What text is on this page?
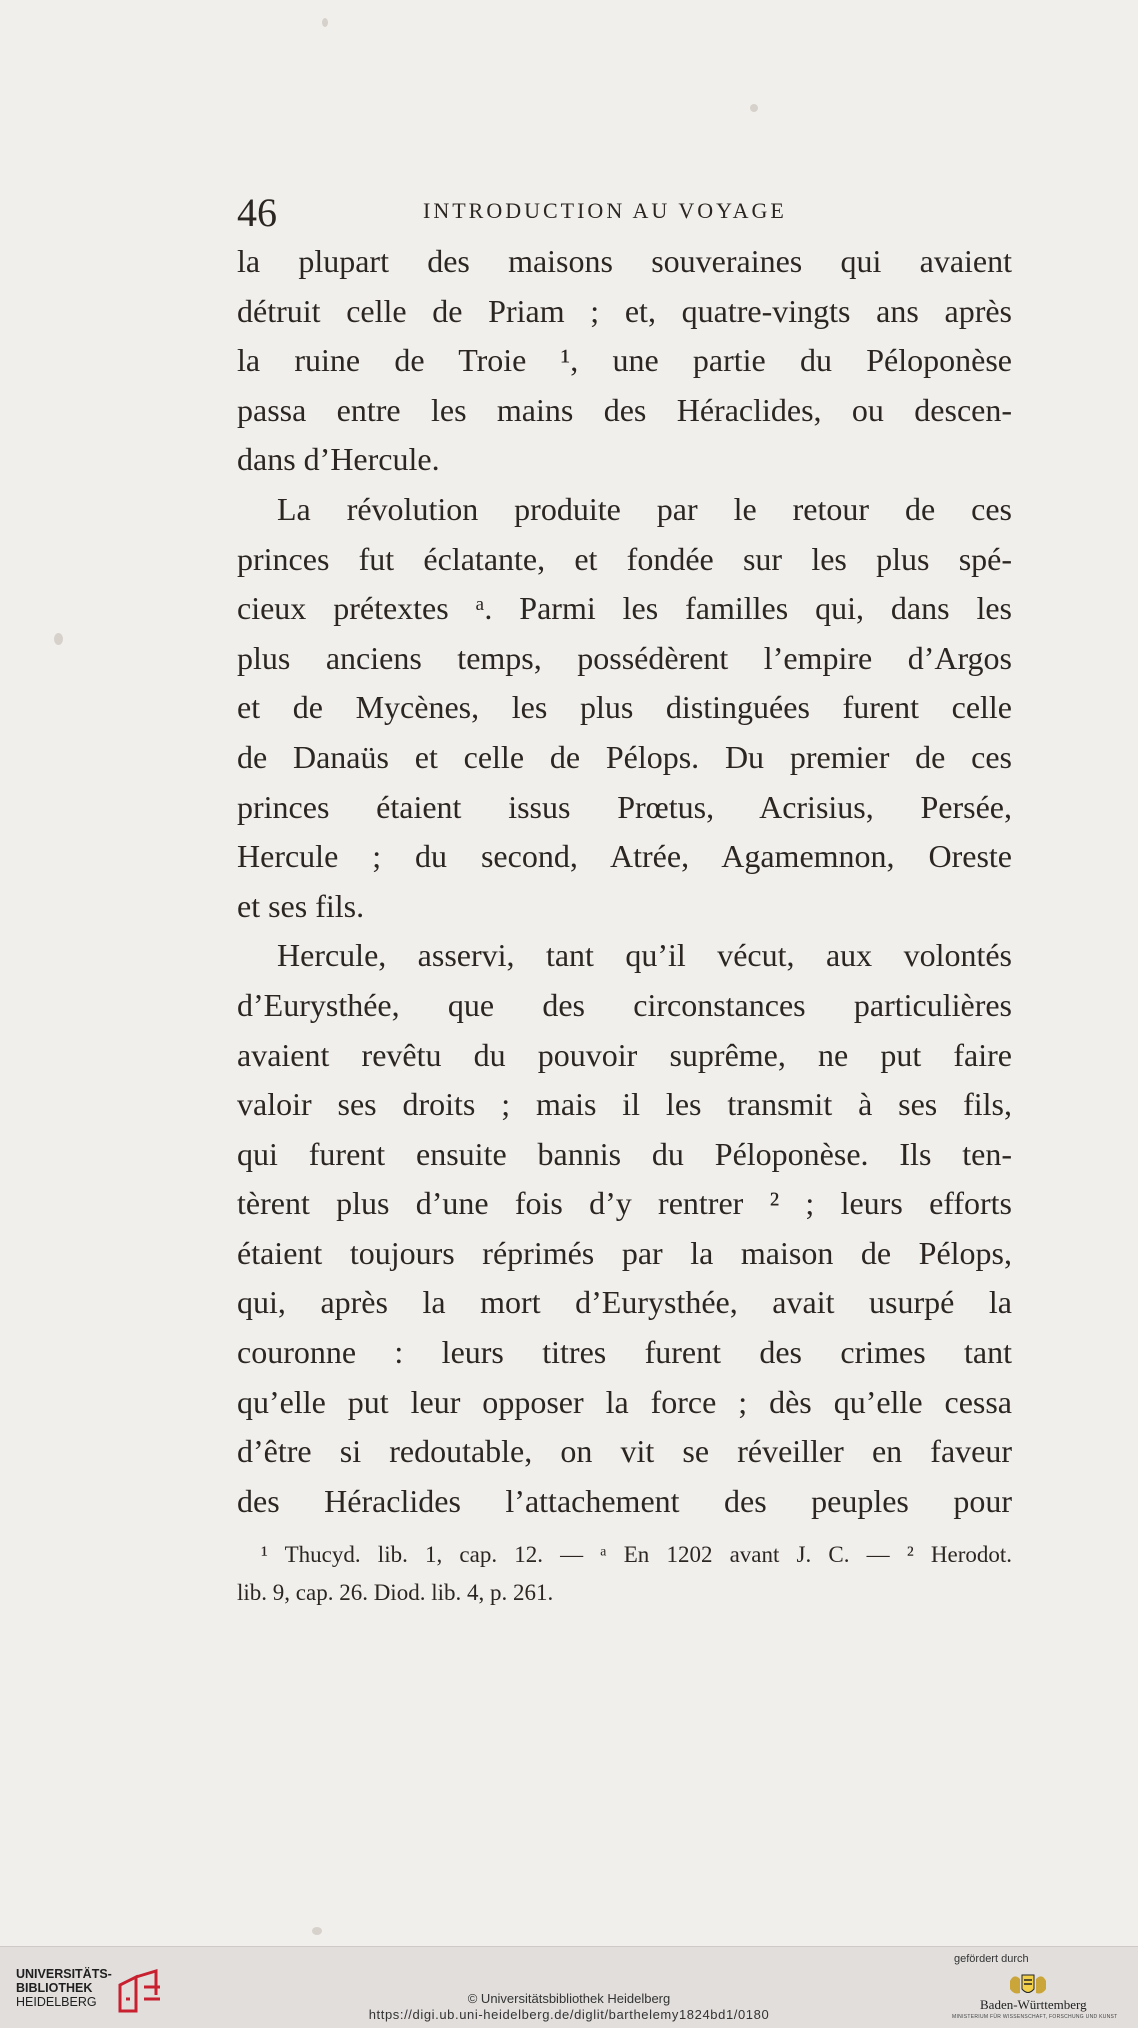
46	INTRODUCTION AU VOYAGE
la plupart des maisons souveraines qui avaient
détruit celle de Priam ; et, quatre-vingts ans après
la ruine de Troie ¹, une partie du Péloponèse
passa entre les mains des Héraclides, ou descen-
dans d’Hercule.
La révolution produite par le retour de ces
princes fut éclatante, et fondée sur les plus spé-
cieux prétextes ᵃ. Parmi les familles qui, dans les
plus anciens temps, possédèrent l’empire d’Argos
et de Mycènes, les plus distinguées furent celle
de Danaüs et celle de Pélops. Du premier de ces
princes étaient issus Prœtus, Acrisius, Persée,
Hercule ; du second, Atrée, Agamemnon, Oreste
et ses fils.
Hercule, asservi, tant qu’il vécut, aux volontés
d’Eurysthée, que des circonstances particulières
avaient revêtu du pouvoir suprême, ne put faire
valoir ses droits ; mais il les transmit à ses fils,
qui furent ensuite bannis du Péloponèse. Ils ten-
tèrent plus d’une fois d’y rentrer ² ; leurs efforts
étaient toujours réprimés par la maison de Pélops,
qui, après la mort d’Eurysthée, avait usurpé la
couronne : leurs titres furent des crimes tant
qu’elle put leur opposer la force ; dès qu’elle cessa
d’être si redoutable, on vit se réveiller en faveur
des Héraclides l’attachement des peuples pour
¹ Thucyd. lib. 1, cap. 12. — ᵃ En 1202 avant J. C. — ² Herodot.
lib. 9, cap. 26. Diod. lib. 4, p. 261.
UNIVERSITÄTS-
BIBLIOTHEK
HEIDELBERG	© Universitätsbibliothek Heidelberg
https://digi.ub.uni-heidelberg.de/diglit/barthelemy1824bd1/0180
gefördert durch
Baden-Württemberg
MINISTERIUM FÜR WISSENSCHAFT, FORSCHUNG UND KUNST
